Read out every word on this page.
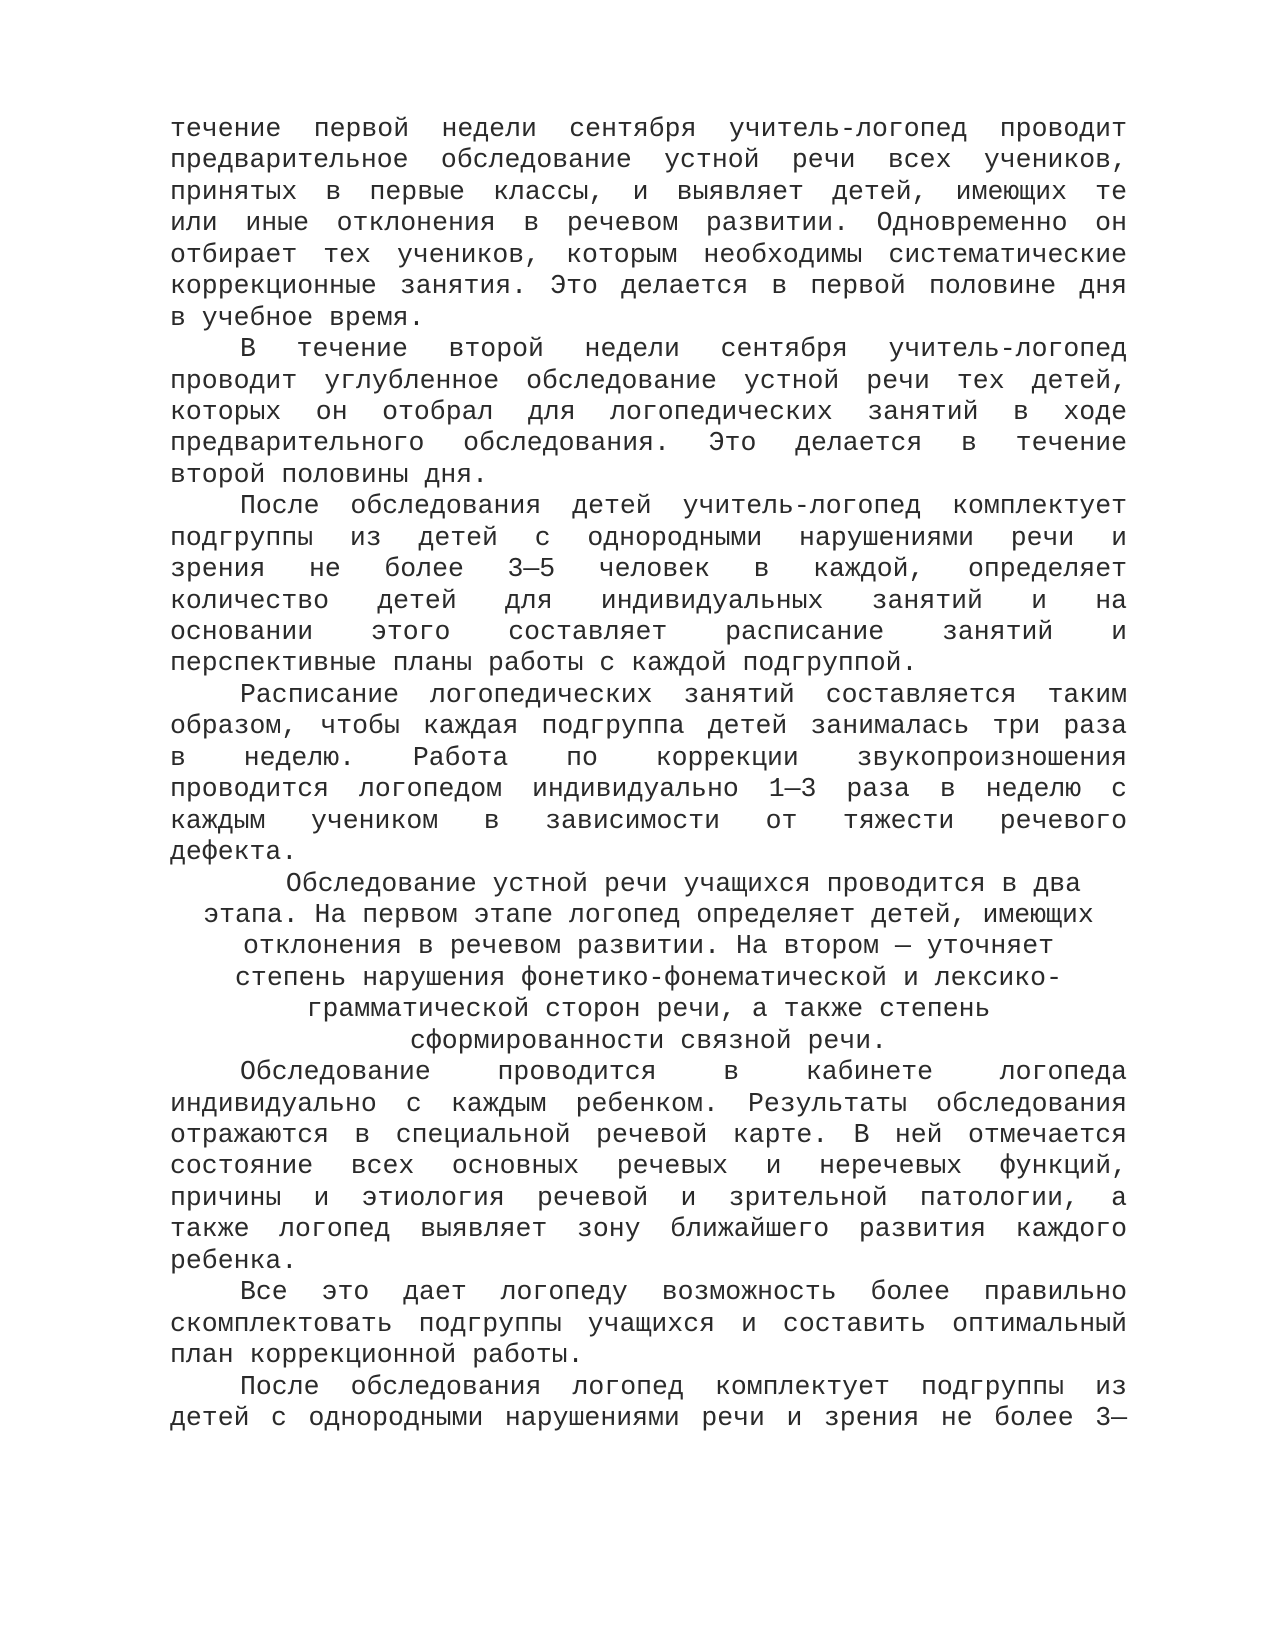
течение первой недели сентября учитель-логопед проводит
предварительное обследование устной речи всех учеников,
принятых в первые классы, и выявляет детей, имеющих те
или иные отклонения в речевом развитии. Одновременно он
отбирает тех учеников, которым необходимы систематические
коррекционные занятия. Это делается в первой половине дня
в учебное время.
В течение второй недели сентября учитель-логопед
проводит углубленное обследование устной речи тех детей,
которых он отобрал для логопедических занятий в ходе
предварительного обследования. Это делается в течение
второй половины дня.
После обследования детей учитель-логопед комплектует
подгруппы из детей с однородными нарушениями речи и
зрения не более 3—5 человек в каждой, определяет
количество детей для индивидуальных занятий и на
основании этого составляет расписание занятий и
перспективные планы работы с каждой подгруппой.
Расписание логопедических занятий составляется таким
образом, чтобы каждая подгруппа детей занималась три раза
в неделю. Работа по коррекции звукопроизношения
проводится логопедом индивидуально 1—3 раза в неделю с
каждым учеником в зависимости от тяжести речевого
дефекта.
Обследование устной речи учащихся проводится в два
этапа. На первом этапе логопед определяет детей, имеющих
отклонения в речевом развитии. На втором — уточняет
степень нарушения фонетико-фонематической и лексико-
грамматической сторон речи, а также степень
сформированности связной речи.
Обследование проводится в кабинете логопеда
индивидуально с каждым ребенком. Результаты обследования
отражаются в специальной речевой карте. В ней отмечается
состояние всех основных речевых и неречевых функций,
причины и этиология речевой и зрительной патологии, а
также логопед выявляет зону ближайшего развития каждого
ребенка.
Все это дает логопеду возможность более правильно
скомплектовать подгруппы учащихся и составить оптимальный
план коррекционной работы.
После обследования логопед комплектует подгруппы из
детей с однородными нарушениями речи и зрения не более 3—
